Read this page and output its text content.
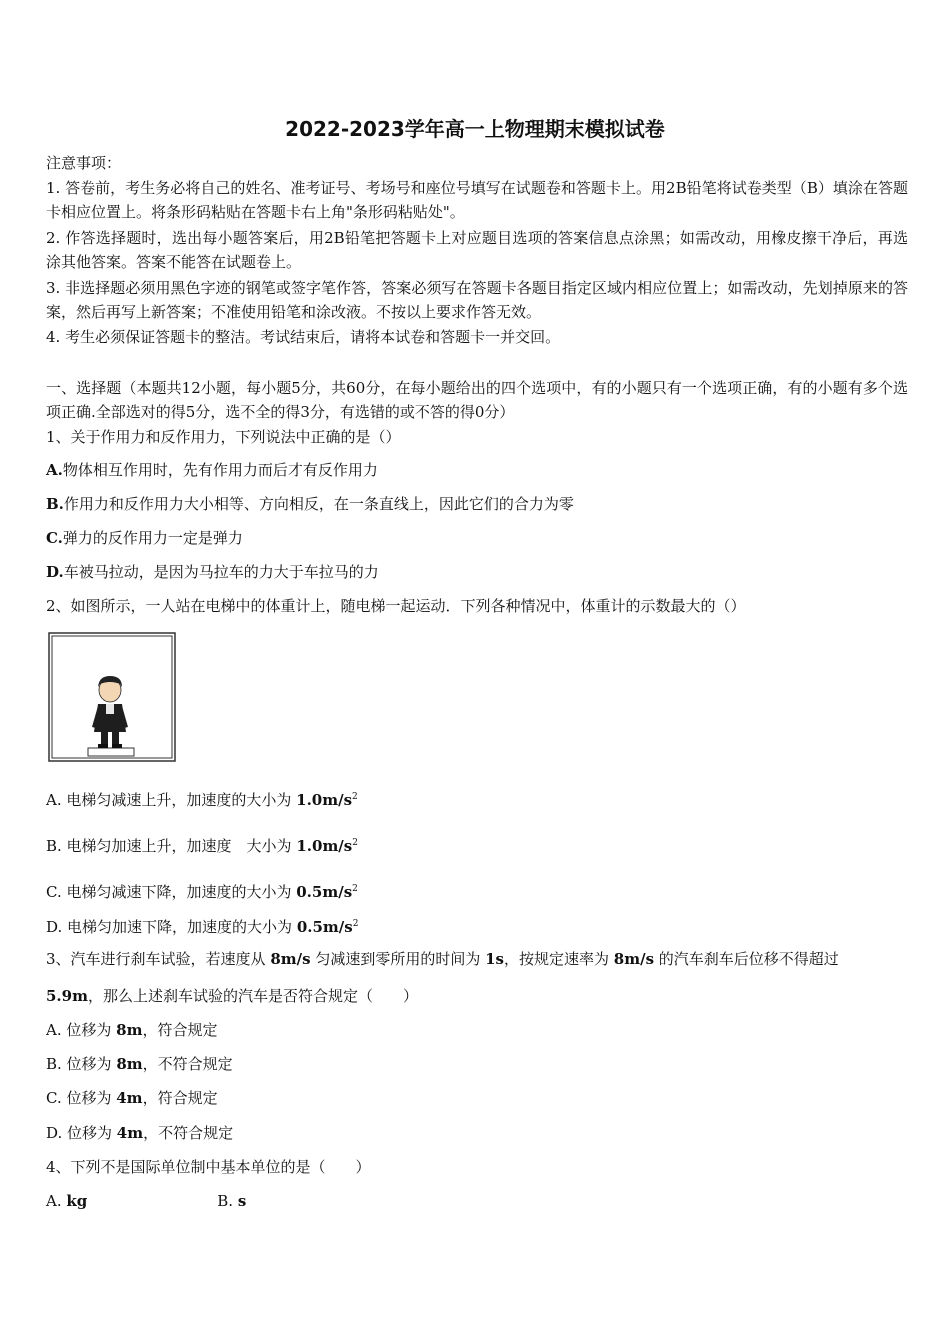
2022-2023学年高一上物理期末模拟试卷
注意事项：
1. 答卷前，考生务必将自己的姓名、准考证号、考场号和座位号填写在试题卷和答题卡上。用2B铅笔将试卷类型（B）填涂在答题卡相应位置上。将条形码粘贴在答题卡右上角"条形码粘贴处"。
2. 作答选择题时，选出每小题答案后，用2B铅笔把答题卡上对应题目选项的答案信息点涂黑；如需改动，用橡皮擦干净后，再选涂其他答案。答案不能答在试题卷上。
3. 非选择题必须用黑色字迹的钢笔或签字笔作答，答案必须写在答题卡各题目指定区域内相应位置上；如需改动，先划掉原来的答案，然后再写上新答案；不准使用铅笔和涂改液。不按以上要求作答无效。
4. 考生必须保证答题卡的整洁。考试结束后，请将本试卷和答题卡一并交回。
一、选择题（本题共12小题，每小题5分，共60分，在每小题给出的四个选项中，有的小题只有一个选项正确，有的小题有多个选项正确.全部选对的得5分，选不全的得3分，有选错的或不答的得0分）
1、关于作用力和反作用力，下列说法中正确的是（）
A.物体相互作用时，先有作用力而后才有反作用力
B.作用力和反作用力大小相等、方向相反，在一条直线上，因此它们的合力为零
C.弹力的反作用力一定是弹力
D.车被马拉动，是因为马拉车的力大于车拉马的力
2、如图所示，一人站在电梯中的体重计上，随电梯一起运动．下列各种情况中，体重计的示数最大的（）
A. 电梯匀减速上升，加速度的大小为 $1.0m/s^2$
B. 电梯匀加速上升，加速度　大小为 $1.0m/s^2$
C. 电梯匀减速下降，加速度的大小为 $0.5m/s^2$
D. 电梯匀加速下降，加速度的大小为 $0.5m/s^2$
3、汽车进行刹车试验，若速度从 8m/s 匀减速到零所用的时间为 1s，按规定速率为 8m/s 的汽车刹车后位移不得超过
5.9m，那么上述刹车试验的汽车是否符合规定（　　）
A. 位移为 8m，符合规定
B. 位移为 8m，不符合规定
C. 位移为 4m，符合规定
D. 位移为 4m，不符合规定
4、下列不是国际单位制中基本单位的是（　　）
A. kg	B. s
